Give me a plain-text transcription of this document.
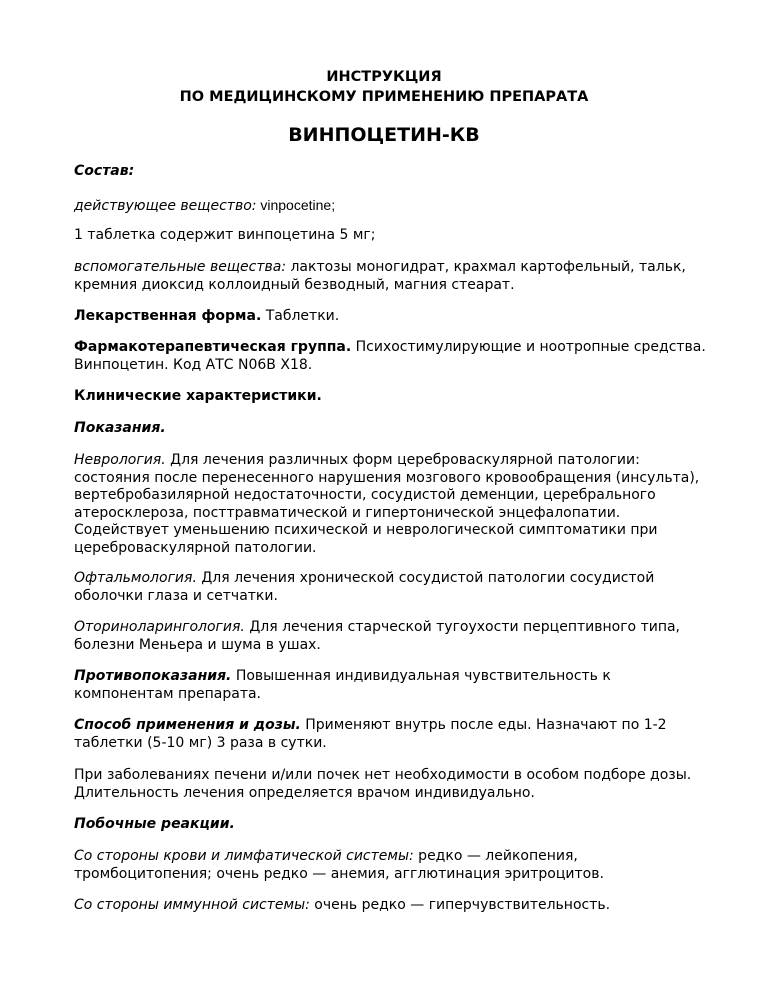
ИНСТРУКЦИЯ
ПО МЕДИЦИНСКОМУ ПРИМЕНЕНИЮ ПРЕПАРАТА
ВИНПОЦЕТИН-КВ

Состав:

действующее вещество: vinpocetine;

1 таблетка содержит винпоцетина 5 мг;

вспомогательные вещества: лактозы моногидрат, крахмал картофельный, тальк, кремния диоксид коллоидный безводный, магния стеарат.

Лекарственная форма. Таблетки.

Фармакотерапевтическая группа. Психостимулирующие и ноотропные средства. Винпоцетин. Код АТС N06B X18.

Клинические характеристики.

Показания.

Неврология. Для лечения различных форм цереброваскулярной патологии: состояния после перенесенного нарушения мозгового кровообращения (инсульта), вертебробазилярной недостаточности, сосудистой деменции, церебрального атеросклероза, посттравматической и гипертонической энцефалопатии. Содействует уменьшению психической и неврологической симптоматики при цереброваскулярной патологии.

Офтальмология. Для лечения хронической сосудистой патологии сосудистой оболочки глаза и сетчатки.

Оториноларингология. Для лечения старческой тугоухости перцептивного типа, болезни Меньера и шума в ушах.

Противопоказания. Повышенная индивидуальная чувствительность к компонентам препарата.

Способ применения и дозы. Применяют внутрь после еды. Назначают по 1-2 таблетки (5-10 мг) 3 раза в сутки.

При заболеваниях печени и/или почек нет необходимости в особом подборе дозы. Длительность лечения определяется врачом индивидуально.

Побочные реакции.

Со стороны крови и лимфатической системы: редко — лейкопения, тромбоцитопения; очень редко — анемия, агглютинация эритроцитов.

Со стороны иммунной системы: очень редко — гиперчувствительность.
